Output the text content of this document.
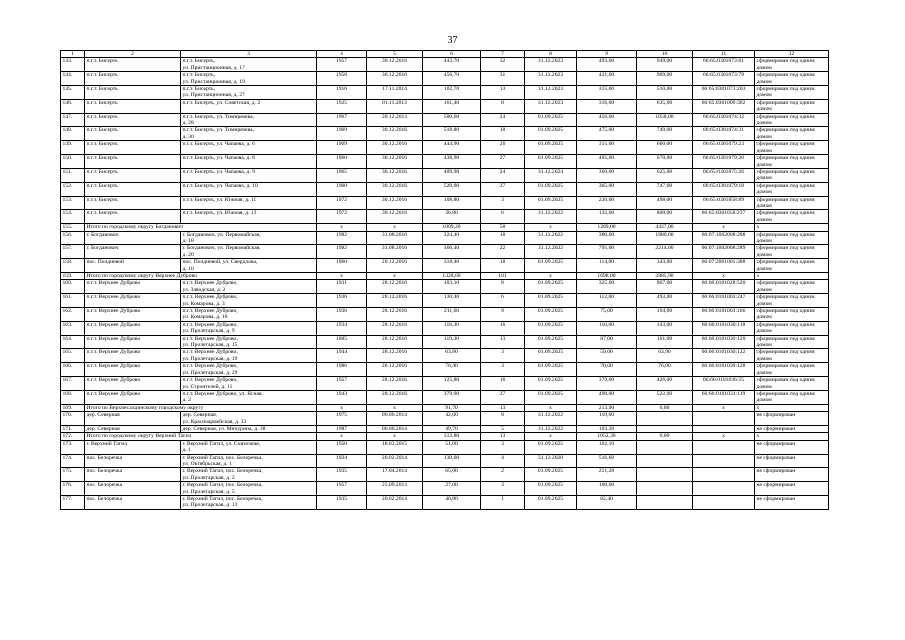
37
1	2	3	4	5	6	7	8	9	10	11	12
143.	п.г.т. Бисерть	п.г.т. Бисерть,
ул. Пристанционная, д. 17	1957	30.12.2016	443,70	32	31.12.2023	493,00	949,00	66:65:0301073:81	сформирован под одним домом
144.	п.г.т. Бисерть	п.г.т. Бисерть,
ул. Пристанционная, д. 19	1958	30.12.2016	456,70	31	31.12.2023	421,00	909,00	66:65:0301073:79	сформирован под одним домом
145.	п.г.т. Бисерть	п.г.т. Бисерть,
ул. Пристанционная, д. 27	1916	17.11.2014	102,70	13	31.12.2023	315,00	510,00	66:65:0301073:203	сформирован под одним домом
146.	п.г.т. Бисерть	п.г.т. Бисерть, ул. Советская, д. 2	1925	01.11.2013	161,40	8	31.12.2023	316,00	635,00	66:65:0301009:302	сформирован под одним домом
147.	п.г.т. Бисерть	п.г.т. Бисерть, ул. Тимирязева,
д. 28	1967	20.12.2013	500,60	24	01.09.2025	456,00	1058,00	66:65:0301074:32	сформирован под одним домом
148.	п.г.т. Бисерть	п.г.т. Бисерть, ул. Тимирязева,
д. 30	1969	30.12.2016	518,80	18	01.09.2025	475,00	749,00	66:65:0301074:31	сформирован под одним домом
149.	п.г.т. Бисерть	п.г.т. Бисерть, ул. Чапаева, д. 6	1969	30.12.2016	444,90	26	01.09.2025	315,00	660,00	66:65:0301079:23	сформирован под одним домом
150.	п.г.т. Бисерть	п.г.т. Бисерть, ул. Чапаева, д. 8	1960	30.12.2016	438,90	27	01.09.2025	405,00	670,00	66:65:0301079:20	сформирован под одним домом
151.	п.г.т. Бисерть	п.г.т. Бисерть, ул. Чапаева, д. 9	1965	30.12.2016	409,90	24	31.12.2024	360,00	625,00	66:65:0301075:26	сформирован под одним домом
152.	п.г.т. Бисерть	п.г.т. Бисерть, ул. Чапаева, д. 10	1960	30.12.2016	520,00	27	01.09.2025	365,00	747,00	66:65:0301079:18	сформирован под одним домом
153.	п.г.т. Бисерть	п.г.т. Бисерть, ул. Южная, д. 11	1972	30.12.2016	108,80	3	01.09.2025	220,00	498,00	66:65:0301058:89	сформирован под одним домом
154.	п.г.т. Бисерть	п.г.т. Бисерть, ул. Южная, д. 13	1972	30.12.2016	36,80	6	31.12.2022	132,00	800,00	66:65:0301058:237	сформирован под одним домом
155.	Итого по городскому округу Богданович		х	х	1009,20	58	х	1289,00	4437,00	х	х
156.	г. Богданович	г. Богданович, ул. Первомайская,
д. 18	1982	31.08.2016	324,40	18	31.12.2022	380,00	1880,00	66:07:1002008:288	сформирован под одним домом
157.	г. Богданович	г. Богданович, ул. Первомайская,
д. 20	1982	31.08.2016	366,40	22	31.12.2022	795,00	2214,00	66:07:1002008:289	сформирован под одним домом
158.	пос. Полдневой	пос. Полдневой, ул. Свердлова,
д. 10	1960	20.12.2016	318,40	18	01.09.2025	114,00	343,00	66:07:2001001:388	сформирован под одним домом
159.	Итого по городскому округу Верхнее Дуброво		х	х	1328,60	101	х	1698,00	2885,90	х	х
160.	п.г.т. Верхнее Дуброво	п.г.т. Верхнее Дуброво,
ул. Заводская, д. 2	1931	28.12.2016	103,10	8	01.09.2025	325,00	867,00	66:66:0101028:520	сформирован под одним домом
161.	п.г.т. Верхнее Дуброво	п.г.т. Верхнее Дуброво,
ул. Комарова, д. 3	1936	28.12.2016	130,40	6	01.09.2025	112,00	493,00	66:66:0101003:247	сформирован под одним домом
162.	п.г.т. Верхнее Дуброво	п.г.т. Верхнее Дуброво,
ул. Комарова, д. 10	1936	28.12.2016	211,60	9	01.09.2025	75,00	194,00	66:66:0101003:166	сформирован под одним домом
163.	п.г.т. Верхнее Дуброво	п.г.т. Верхнее Дуброво,
ул. Пролетарская, д. 9	1934	28.12.2016	118,30	16	01.09.2025	110,00	143,00	66:66:0101030:118	сформирован под одним домом
164.	п.г.т. Верхнее Дуброво	п.г.т. Верхнее Дуброво,
ул. Пролетарская, д. 15	1885	28.12.2016	119,30	13	01.09.2025	87,00	101,00	66:66:0101030:120	сформирован под одним домом
165.	п.г.т. Верхнее Дуброво	п.г.т. Верхнее Дуброво,
ул. Пролетарская, д. 19	1944	28.12.2016	63,80	3	01.09.2025	59,00	63,90	66:66:0101030:122	сформирован под одним домом
166.	п.г.т. Верхнее Дуброво	п.г.т. Верхнее Дуброво,
ул. Пролетарская, д. 29	1986	28.12.2016	76,40	3	01.09.2025	70,00	76,00	66:66:0101030:128	сформирован под одним домом
167.	п.г.т. Верхнее Дуброво	п.г.т. Верхнее Дуброво,
ул. Строителей, д. 11	1957	28.12.2016	125,80	16	01.09.2025	370,00	426,00	66:66:0101036:25	сформирован под одним домом
168.	п.г.т. Верхнее Дуброво	п.г.т. Верхнее Дуброво, ул. Ясная,
д. 2	1943	28.12.2016	379,90	27	01.09.2025	490,00	522,00	66:66:0101031:119	сформирован под одним домом
169.	Итого по Верхнесалдинскому городскому округу		х	х	91,70	13	х	213,90	0,00	х	х
170.	дер. Северная	дер. Северная,
ул. Красноармейская, д. 33	1975	06.06.2014	42,00	8	31.12.2022	110,60			не сформирован
171.	дер. Северная	дер. Северная, ул. Мичурина, д. 38	1987	06.06.2014	49,70	5	31.12.2022	103,30			не сформирован
172.	Итого по городскому округу Верхний Тагил		х	х	313,80	13	х	1052,30	0,00	х	х
173.	г. Верхний Тагил	г. Верхний Тагил, ул. Совхозная,
д. 1	1950	18.03.2015	51,00	3	01.09.2025	102,10			не сформирован
174.	пос. Белоречка	г. Верхний Тагил, пос. Белоречка,
ул. Октябрьская, д. 1	1934	20.02.2014	130,00	4	31.12.2020	516,60			не сформирован
175.	пос. Белоречка	г. Верхний Тагил, пос. Белоречка,
ул. Пролетарская, д. 2	1935	17.04.2014	65,00	2	01.09.2025	251,20			не сформирован
176.	пос. Белоречка	г. Верхний Тагил, пос. Белоречка,
ул. Пролетарская, д. 5	1957	25.09.2013	27,00	3	01.09.2025	100,00			не сформирован
177.	пос. Белоречка	г. Верхний Тагил, пос. Белоречка,
ул. Пролетарская, д. 13	1935	20.02.2014	40,80	1	01.09.2025	82,40			не сформирован
